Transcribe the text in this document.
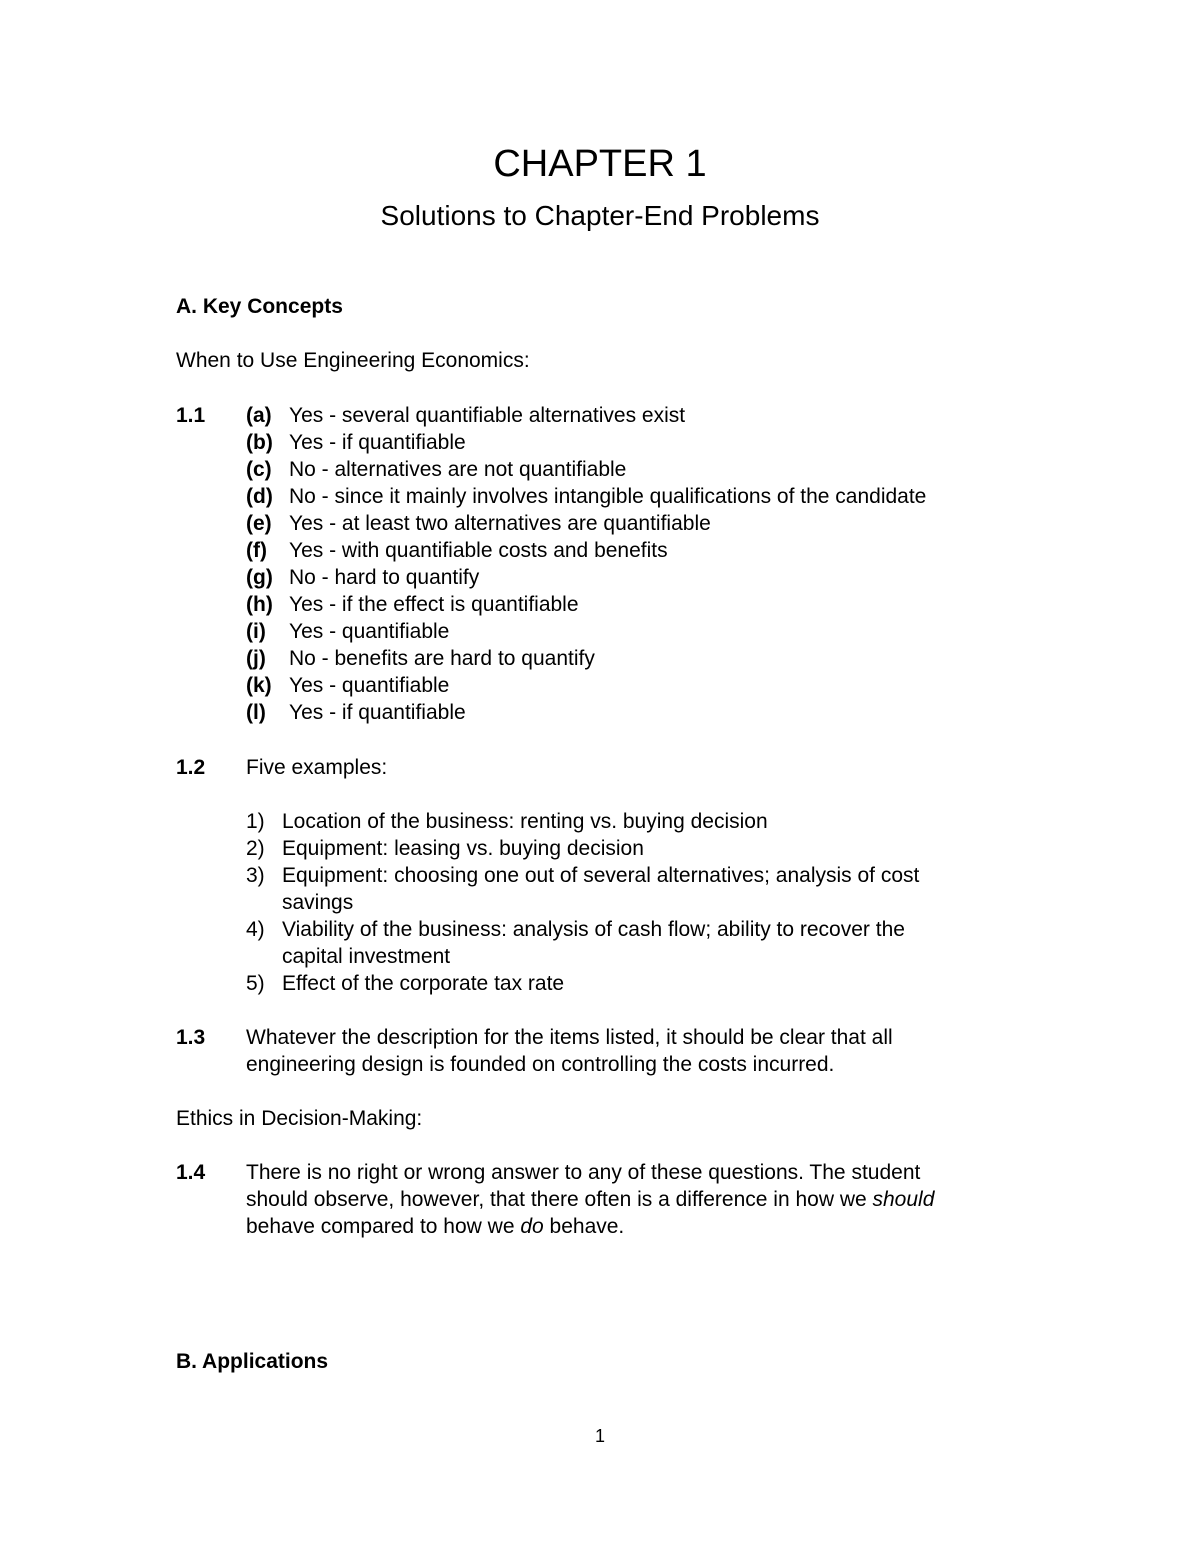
CHAPTER 1
Solutions to Chapter-End Problems
A. Key Concepts
When to Use Engineering Economics:
1.1 (a) Yes - several quantifiable alternatives exist
(b) Yes - if quantifiable
(c) No - alternatives are not quantifiable
(d) No - since it mainly involves intangible qualifications of the candidate
(e) Yes - at least two alternatives are quantifiable
(f) Yes - with quantifiable costs and benefits
(g) No - hard to quantify
(h) Yes - if the effect is quantifiable
(i) Yes - quantifiable
(j) No - benefits are hard to quantify
(k) Yes - quantifiable
(l) Yes - if quantifiable
1.2 Five examples:
1) Location of the business: renting vs. buying decision
2) Equipment: leasing vs. buying decision
3) Equipment: choosing one out of several alternatives; analysis of cost
savings
4) Viability of the business: analysis of cash flow; ability to recover the
capital investment
5) Effect of the corporate tax rate
1.3 Whatever the description for the items listed, it should be clear that all
engineering design is founded on controlling the costs incurred.
Ethics in Decision-Making:
1.4 There is no right or wrong answer to any of these questions. The student
should observe, however, that there often is a difference in how we should
behave compared to how we do behave.
B. Applications
1
